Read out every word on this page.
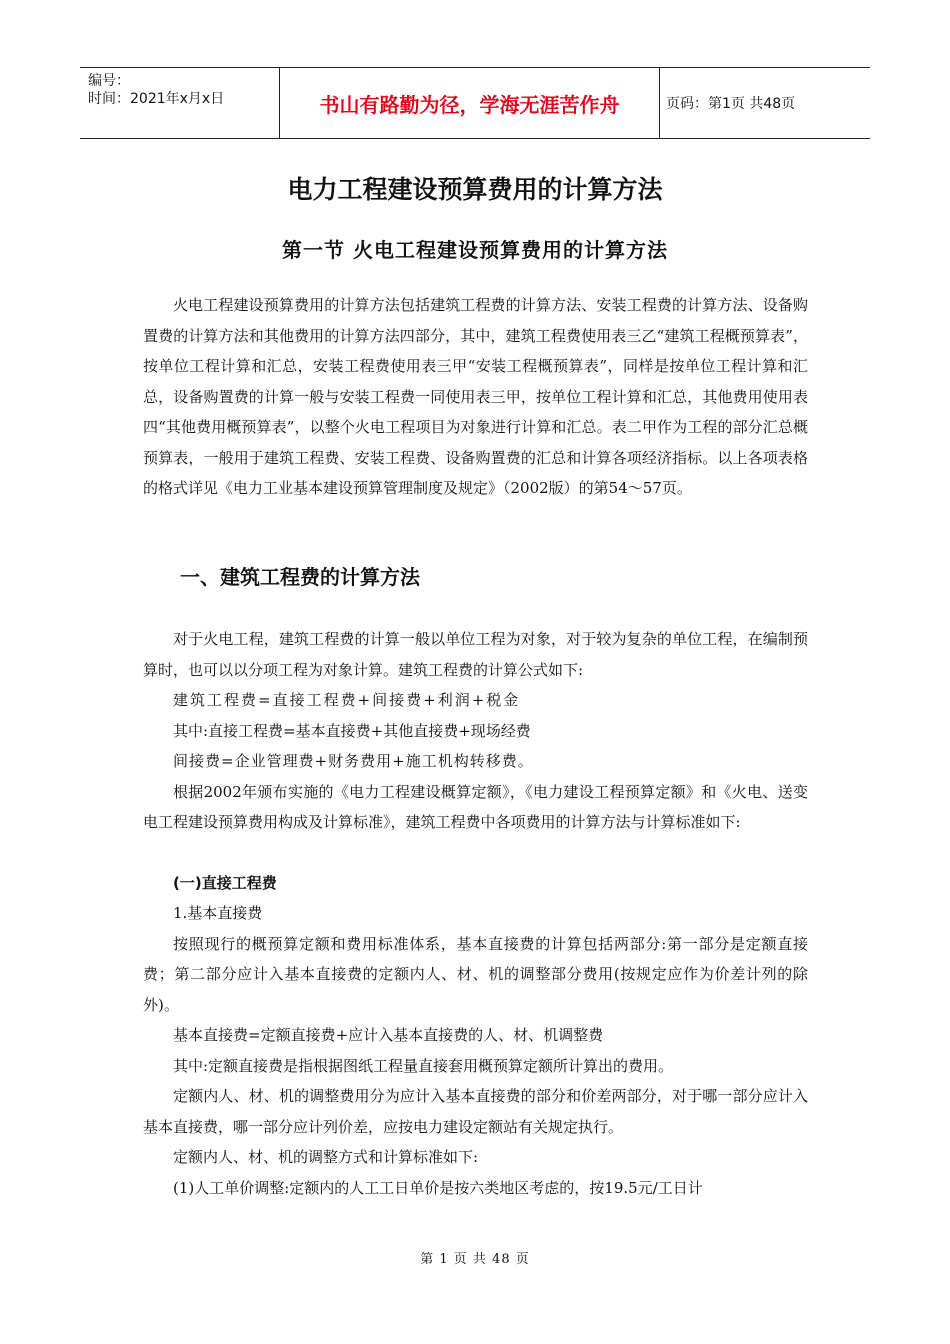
编号：
时间：2021年x月x日	书山有路勤为径，学海无涯苦作舟	页码：第1页 共48页
电力工程建设预算费用的计算方法
第一节 火电工程建设预算费用的计算方法

火电工程建设预算费用的计算方法包括建筑工程费的计算方法、安装工程费的计算方法、设备购置费的计算方法和其他费用的计算方法四部分，其中，建筑工程费使用表三乙“建筑工程概预算表”，按单位工程计算和汇总，安装工程费使用表三甲“安装工程概预算表”，同样是按单位工程计算和汇总，设备购置费的计算一般与安装工程费一同使用表三甲，按单位工程计算和汇总，其他费用使用表四“其他费用概预算表”，以整个火电工程项目为对象进行计算和汇总。表二甲作为工程的部分汇总概预算表，一般用于建筑工程费、安装工程费、设备购置费的汇总和计算各项经济指标。以上各项表格的格式详见《电力工业基本建设预算管理制度及规定》（2002版）的第54～57页。

一、建筑工程费的计算方法

对于火电工程，建筑工程费的计算一般以单位工程为对象，对于较为复杂的单位工程，在编制预算时，也可以以分项工程为对象计算。建筑工程费的计算公式如下:

建筑工程费=直接工程费+间接费+利润+税金

其中:直接工程费=基本直接费+其他直接费+现场经费

间接费=企业管理费+财务费用+施工机构转移费。

根据2002年颁布实施的《电力工程建设概算定额》，《电力建设工程预算定额》和《火电、送变电工程建设预算费用构成及计算标准》，建筑工程费中各项费用的计算方法与计算标准如下:

(一)直接工程费

1.基本直接费

按照现行的概预算定额和费用标准体系，基本直接费的计算包括两部分:第一部分是定额直接费；第二部分应计入基本直接费的定额内人、材、机的调整部分费用(按规定应作为价差计列的除外)。

基本直接费=定额直接费+应计入基本直接费的人、材、机调整费

其中:定额直接费是指根据图纸工程量直接套用概预算定额所计算出的费用。

定额内人、材、机的调整费用分为应计入基本直接费的部分和价差两部分，对于哪一部分应计入基本直接费，哪一部分应计列价差，应按电力建设定额站有关规定执行。

定额内人、材、机的调整方式和计算标准如下:

(1)人工单价调整:定额内的人工工日单价是按六类地区考虑的，按19.5元/工日计

第 1 页 共 48 页
